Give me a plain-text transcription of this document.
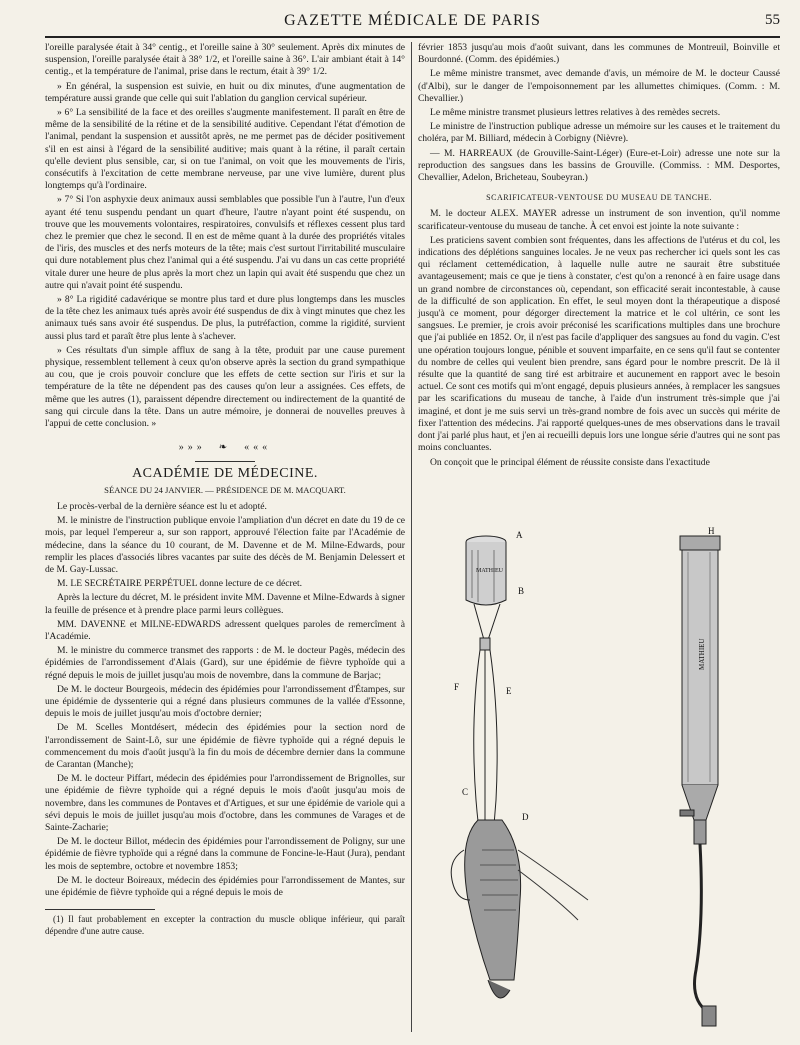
GAZETTE MÉDICALE DE PARIS	55

l'oreille paralysée était à 34° centig., et l'oreille saine à 30° seulement. Après dix minutes de suspension, l'oreille paralysée était à 38° 1/2, et l'oreille saine à 36°. L'air ambiant était à 14° centig., et la température de l'animal, prise dans le rectum, était à 39° 1/2.

» En général, la suspension est suivie, en huit ou dix minutes, d'une augmentation de température aussi grande que celle qui suit l'ablation du ganglion cervical supérieur.

» 6° La sensibilité de la face et des oreilles s'augmente manifestement. Il paraît en être de même de la sensibilité de la rétine et de la sensibilité auditive. Cependant l'état d'émotion de l'animal, pendant la suspension et aussitôt après, ne me permet pas de décider positivement s'il en est ainsi à l'égard de la sensibilité auditive; mais quant à la rétine, il paraît certain qu'elle devient plus sensible, car, si on tue l'animal, on voit que les mouvements de l'iris, consécutifs à l'excitation de cette membrane nerveuse, par une vive lumière, durent plus longtemps qu'à l'ordinaire.

» 7° Si l'on asphyxie deux animaux aussi semblables que possible l'un à l'autre, l'un d'eux ayant été tenu suspendu pendant un quart d'heure, l'autre n'ayant point été suspendu, on trouve que les mouvements volontaires, respiratoires, convulsifs et réflexes cessent plus tard chez le premier que chez le second. Il en est de même quant à la durée des propriétés vitales de l'iris, des muscles et des nerfs moteurs de la tête; mais c'est surtout l'irritabilité musculaire qui dure notablement plus chez l'animal qui a été suspendu. J'ai vu dans un cas cette propriété vitale durer une heure de plus après la mort chez un lapin qui avait été suspendu que chez un autre qui n'avait point été suspendu.

» 8° La rigidité cadavérique se montre plus tard et dure plus longtemps dans les muscles de la tête chez les animaux tués après avoir été suspendus de dix à vingt minutes que chez les animaux tués sans avoir été suspendus. De plus, la putréfaction, comme la rigidité, survient aussi plus tard et paraît être plus lente à s'achever.

» Ces résultats d'un simple afflux de sang à la tête, produit par une cause purement physique, ressemblent tellement à ceux qu'on observe après la section du grand sympathique au cou, que je crois pouvoir conclure que les effets de cette section sur l'iris et sur la température de la tête ne dépendent pas des causes qu'on leur a assignées. Ces effets, de même que les autres (1), paraissent dépendre directement ou indirectement de la quantité de sang qui circule dans la tête. Dans un autre mémoire, je donnerai de nouvelles preuves à l'appui de cette conclusion. »

»»»  ❧  «««
ACADÉMIE DE MÉDECINE.
SÉANCE DU 24 JANVIER. — PRÉSIDENCE DE M. MACQUART.

Le procès-verbal de la dernière séance est lu et adopté.

M. le ministre de l'instruction publique envoie l'ampliation d'un décret en date du 19 de ce mois, par lequel l'empereur a, sur son rapport, approuvé l'élection faite par l'Académie de médecine, dans la séance du 10 courant, de M. Davenne et de M. Milne-Edwards, pour remplir les places d'associés libres vacantes par suite des décès de M. Benjamin Delessert et de M. Gay-Lussac.

M. LE SECRÉTAIRE PERPÉTUEL donne lecture de ce décret.

Après la lecture du décret, M. le président invite MM. Davenne et Milne-Edwards à signer la feuille de présence et à prendre place parmi leurs collègues.

MM. DAVENNE et MILNE-EDWARDS adressent quelques paroles de remercîment à l'Académie.

M. le ministre du commerce transmet des rapports : de M. le docteur Pagès, médecin des épidémies de l'arrondissement d'Alais (Gard), sur une épidémie de fièvre typhoïde qui a régné depuis le mois de juillet jusqu'au mois de novembre, dans la commune de Barjac;

De M. le docteur Bourgeois, médecin des épidémies pour l'arrondissement d'Étampes, sur une épidémie de dyssenterie qui a régné dans plusieurs communes de la vallée d'Essonne, depuis le mois de juillet jusqu'au mois d'octobre dernier;

De M. Scelles Montdésert, médecin des épidémies pour la section nord de l'arrondissement de Saint-Lô, sur une épidémie de fièvre typhoïde qui a régné depuis le commencement du mois d'août jusqu'à la fin du mois de décembre dernier dans la commune de Carantan (Manche);

De M. le docteur Piffart, médecin des épidémies pour l'arrondissement de Brignolles, sur une épidémie de fièvre typhoïde qui a régné depuis le mois d'août jusqu'au mois de novembre, dans les communes de Pontaves et d'Artigues, et sur une épidémie de variole qui a sévi depuis le mois de juillet jusqu'au mois d'octobre, dans les communes de Varages et de Sainte-Zacharie;

De M. le docteur Billot, médecin des épidémies pour l'arrondissement de Poligny, sur une épidémie de fièvre typhoïde qui a régné dans la commune de Foncine-le-Haut (Jura), pendant les mois de septembre, octobre et novembre 1853;

De M. le docteur Boireaux, médecin des épidémies pour l'arrondissement de Mantes, sur une épidémie de fièvre typhoïde qui a régné depuis le mois de

(1) Il faut probablement en excepter la contraction du muscle oblique inférieur, qui paraît dépendre d'une autre cause.

février 1853 jusqu'au mois d'août suivant, dans les communes de Montreuil, Boinville et Bourdonné. (Comm. des épidémies.)

Le même ministre transmet, avec demande d'avis, un mémoire de M. le docteur Caussé (d'Albi), sur le danger de l'empoisonnement par les allumettes chimiques. (Comm. : M. Chevallier.)

Le même ministre transmet plusieurs lettres relatives à des remèdes secrets.

Le ministre de l'instruction publique adresse un mémoire sur les causes et le traitement du choléra, par M. Billiard, médecin à Corbigny (Nièvre).

— M. HARREAUX (de Grouville-Saint-Léger) (Eure-et-Loir) adresse une note sur la reproduction des sangsues dans les bassins de Grouville. (Commiss. : MM. Desportes, Chevallier, Adelon, Bricheteau, Soubeyran.)

SCARIFICATEUR-VENTOUSE DU MUSEAU DE TANCHE.

M. le docteur ALEX. MAYER adresse un instrument de son invention, qu'il nomme scarificateur-ventouse du museau de tanche. À cet envoi est jointe la note suivante :

Les praticiens savent combien sont fréquentes, dans les affections de l'utérus et du col, les indications des déplétions sanguines locales. Je ne veux pas rechercher ici quels sont les cas qui réclament cettemédication, à laquelle nulle autre ne saurait être substituée avantageusement; mais ce que je tiens à constater, c'est qu'on a renoncé à en faire usage dans un grand nombre de circonstances où, cependant, son efficacité serait incontestable, à cause de la difficulté de son application. En effet, le seul moyen dont la thérapeutique a disposé jusqu'à ce moment, pour dégorger directement la matrice et le col ultérin, ce sont les sangsues. Le premier, je crois avoir préconisé les scarifications multiples dans une brochure que j'ai publiée en 1852. Or, il n'est pas facile d'appliquer des sangsues au fond du vagin. C'est une opération toujours longue, pénible et souvent imparfaite, en ce sens qu'il faut se contenter du nombre de celles qui veulent bien prendre, sans égard pour le nombre prescrit. De là il résulte que la quantité de sang tiré est arbitraire et aucunement en rapport avec le besoin actuel. Ce sont ces motifs qui m'ont engagé, depuis plusieurs années, à remplacer les sangsues par les scarifications du museau de tanche, à l'aide d'un instrument très-simple que j'ai imaginé, et dont je me suis servi un très-grand nombre de fois avec un succès qui mérite de fixer l'attention des médecins. J'ai rapporté quelques-unes de mes observations dans le travail dont j'ai parlé plus haut, et j'en ai recueilli depuis lors une longue série d'autres qui ne sont pas moins concluantes.

On conçoit que le principal élément de réussite consiste dans l'exactitude

MATHIEU
A
B
F	E
C
D
H
MATHIEU
